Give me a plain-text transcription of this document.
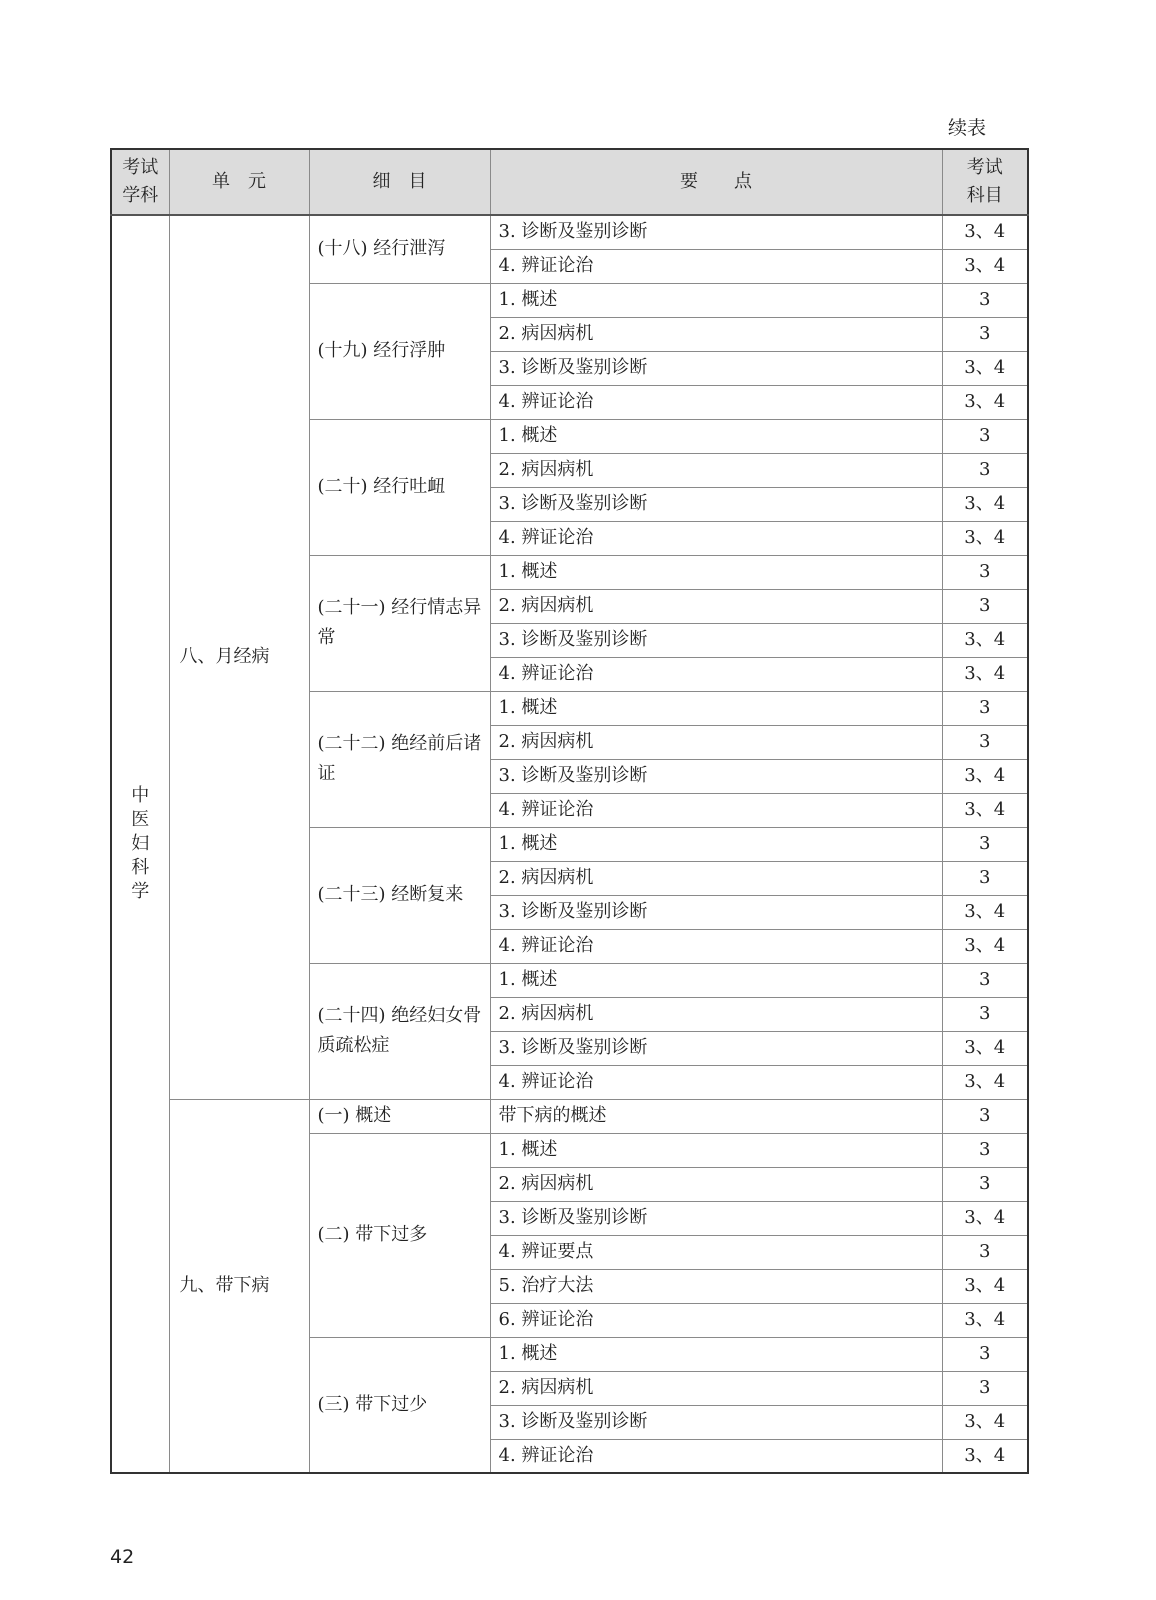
续表
考试学科	单　元	细　目	要　　点	考试科目
中医妇科学	八、月经病	(十八) 经行泄泻	3. 诊断及鉴别诊断	3、4
			4. 辨证论治	3、4
		(十九) 经行浮肿	1. 概述	3
			2. 病因病机	3
			3. 诊断及鉴别诊断	3、4
			4. 辨证论治	3、4
		(二十) 经行吐衄	1. 概述	3
			2. 病因病机	3
			3. 诊断及鉴别诊断	3、4
			4. 辨证论治	3、4
		(二十一) 经行情志异常	1. 概述	3
			2. 病因病机	3
			3. 诊断及鉴别诊断	3、4
			4. 辨证论治	3、4
		(二十二) 绝经前后诸证	1. 概述	3
			2. 病因病机	3
			3. 诊断及鉴别诊断	3、4
			4. 辨证论治	3、4
		(二十三) 经断复来	1. 概述	3
			2. 病因病机	3
			3. 诊断及鉴别诊断	3、4
			4. 辨证论治	3、4
		(二十四) 绝经妇女骨质疏松症	1. 概述	3
			2. 病因病机	3
			3. 诊断及鉴别诊断	3、4
			4. 辨证论治	3、4
	九、带下病	(一) 概述	带下病的概述	3
		(二) 带下过多	1. 概述	3
			2. 病因病机	3
			3. 诊断及鉴别诊断	3、4
			4. 辨证要点	3
			5. 治疗大法	3、4
			6. 辨证论治	3、4
		(三) 带下过少	1. 概述	3
			2. 病因病机	3
			3. 诊断及鉴别诊断	3、4
			4. 辨证论治	3、4
42
